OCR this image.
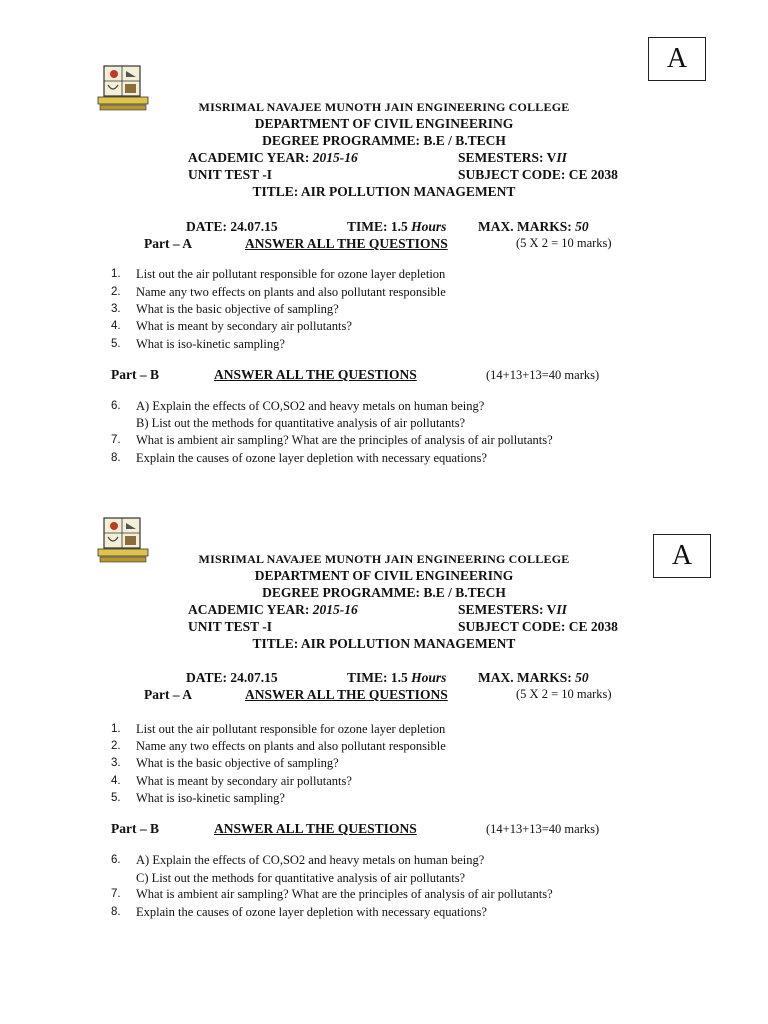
A
MISRIMAL NAVAJEE MUNOTH JAIN ENGINEERING COLLEGE
DEPARTMENT OF CIVIL ENGINEERING
DEGREE PROGRAMME: B.E / B.TECH
ACADEMIC YEAR: 2015-16	SEMESTERS: VII
UNIT TEST -I	SUBJECT CODE: CE 2038
TITLE: AIR POLLUTION MANAGEMENT
DATE: 24.07.15	TIME: 1.5 Hours MAX. MARKS: 50
Part – A	ANSWER ALL THE QUESTIONS	(5 X 2 = 10 marks)
1. List out the air pollutant responsible for ozone layer depletion
2. Name any two effects on plants and also pollutant responsible
3. What is the basic objective of sampling?
4. What is meant by secondary air pollutants?
5. What is iso-kinetic sampling?
Part – B	ANSWER ALL THE QUESTIONS	(14+13+13=40 marks)
6. A) Explain the effects of CO,SO2 and heavy metals on human being?
B) List out the methods for quantitative analysis of air pollutants?
7. What is ambient air sampling? What are the principles of analysis of air pollutants?
8. Explain the causes of ozone layer depletion with necessary equations?
A
MISRIMAL NAVAJEE MUNOTH JAIN ENGINEERING COLLEGE
DEPARTMENT OF CIVIL ENGINEERING
DEGREE PROGRAMME: B.E / B.TECH
ACADEMIC YEAR: 2015-16	SEMESTERS: VII
UNIT TEST -I	SUBJECT CODE: CE 2038
TITLE: AIR POLLUTION MANAGEMENT
DATE: 24.07.15	TIME: 1.5 Hours MAX. MARKS: 50
Part – A	ANSWER ALL THE QUESTIONS	(5 X 2 = 10 marks)
1. List out the air pollutant responsible for ozone layer depletion
2. Name any two effects on plants and also pollutant responsible
3. What is the basic objective of sampling?
4. What is meant by secondary air pollutants?
5. What is iso-kinetic sampling?
Part – B	ANSWER ALL THE QUESTIONS	(14+13+13=40 marks)
6. A) Explain the effects of CO,SO2 and heavy metals on human being?
C) List out the methods for quantitative analysis of air pollutants?
7. What is ambient air sampling? What are the principles of analysis of air pollutants?
8. Explain the causes of ozone layer depletion with necessary equations?
